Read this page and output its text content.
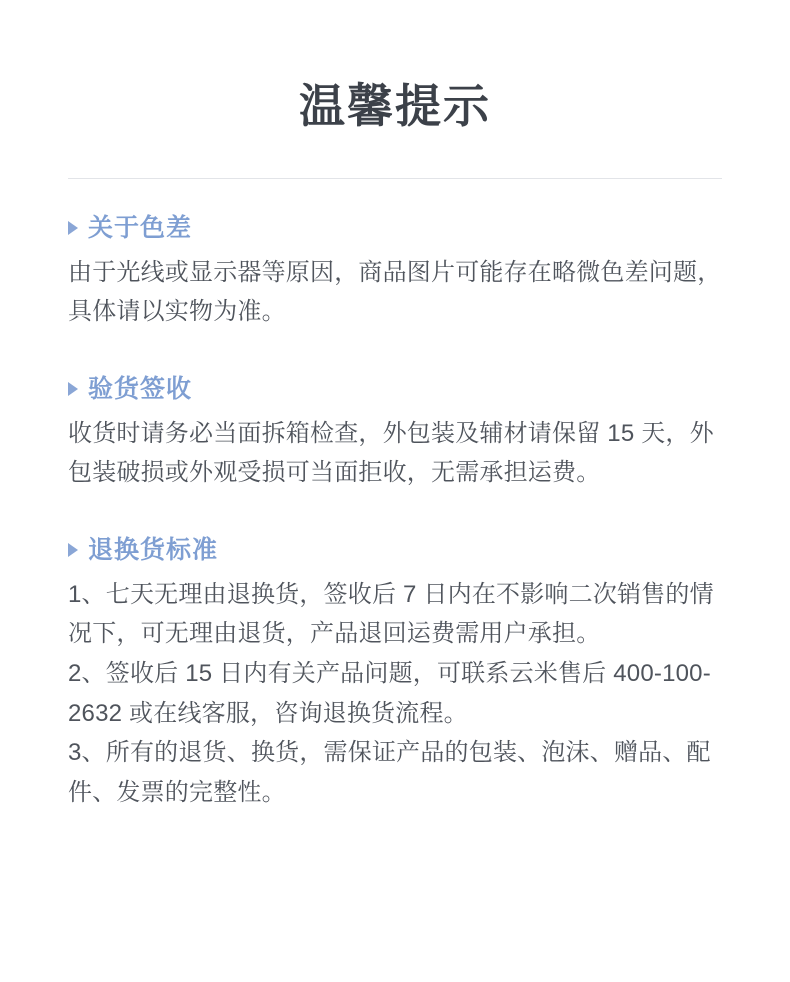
温馨提示
关于色差

由于光线或显示器等原因，商品图片可能存在略微色差问题，具体请以实物为准。

验货签收

收货时请务必当面拆箱检查，外包装及辅材请保留 15 天，外包装破损或外观受损可当面拒收，无需承担运费。

退换货标准

1、七天无理由退换货，签收后 7 日内在不影响二次销售的情况下，可无理由退货，产品退回运费需用户承担。

2、签收后 15 日内有关产品问题，可联系云米售后 400-100-2632 或在线客服，咨询退换货流程。

3、所有的退货、换货，需保证产品的包装、泡沫、赠品、配件、发票的完整性。
